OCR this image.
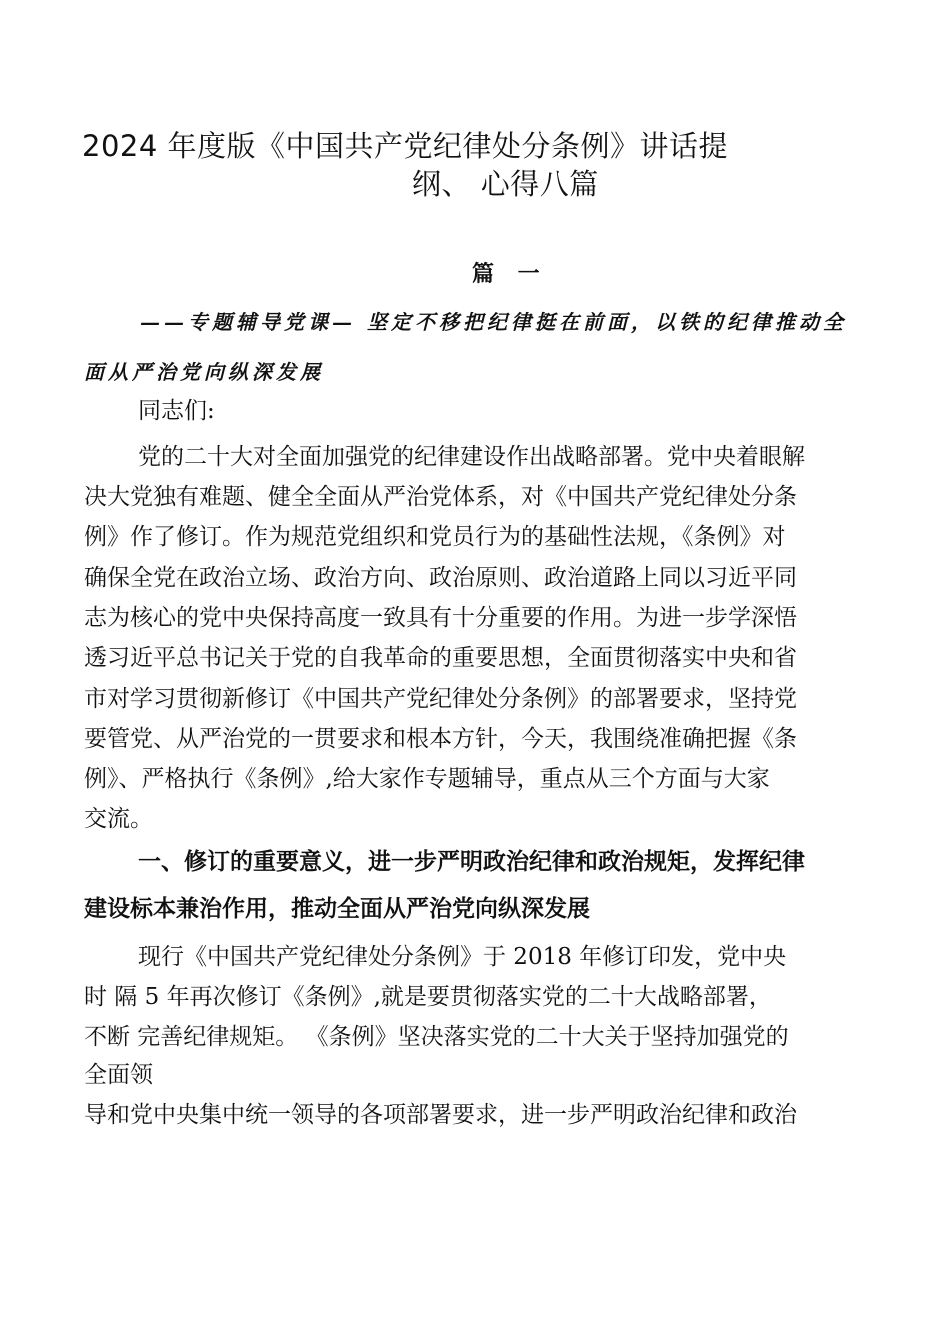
2024 年度版《中国共产党纪律处分条例》讲话提
纲、 心得八篇
篇 一
——专题辅导党课— 坚定不移把纪律挺在前面，以铁的纪律推动全
面从严治党向纵深发展
同志们:
党的二十大对全面加强党的纪律建设作出战略部署。党中央着眼解
决大党独有难题、健全全面从严治党体系，对《中国共产党纪律处分条
例》作了修订。作为规范党组织和党员行为的基础性法规，《条例》对
确保全党在政治立场、政治方向、政治原则、政治道路上同以习近平同
志为核心的党中央保持高度一致具有十分重要的作用。为进一步学深悟
透习近平总书记关于党的自我革命的重要思想，全面贯彻落实中央和省
市对学习贯彻新修订《中国共产党纪律处分条例》的部署要求，坚持党
要管党、从严治党的一贯要求和根本方针，今天，我围绕准确把握《条
例》、严格执行《条例》,给大家作专题辅导，重点从三个方面与大家
交流。
一、修订的重要意义，进一步严明政治纪律和政治规矩，发挥纪律
建设标本兼治作用，推动全面从严治党向纵深发展
现行《中国共产党纪律处分条例》于 2018 年修订印发，党中央
时 隔 5 年再次修订《条例》,就是要贯彻落实党的二十大战略部署，
不断 完善纪律规矩。 《条例》坚决落实党的二十大关于坚持加强党的
全面领
导和党中央集中统一领导的各项部署要求，进一步严明政治纪律和政治
